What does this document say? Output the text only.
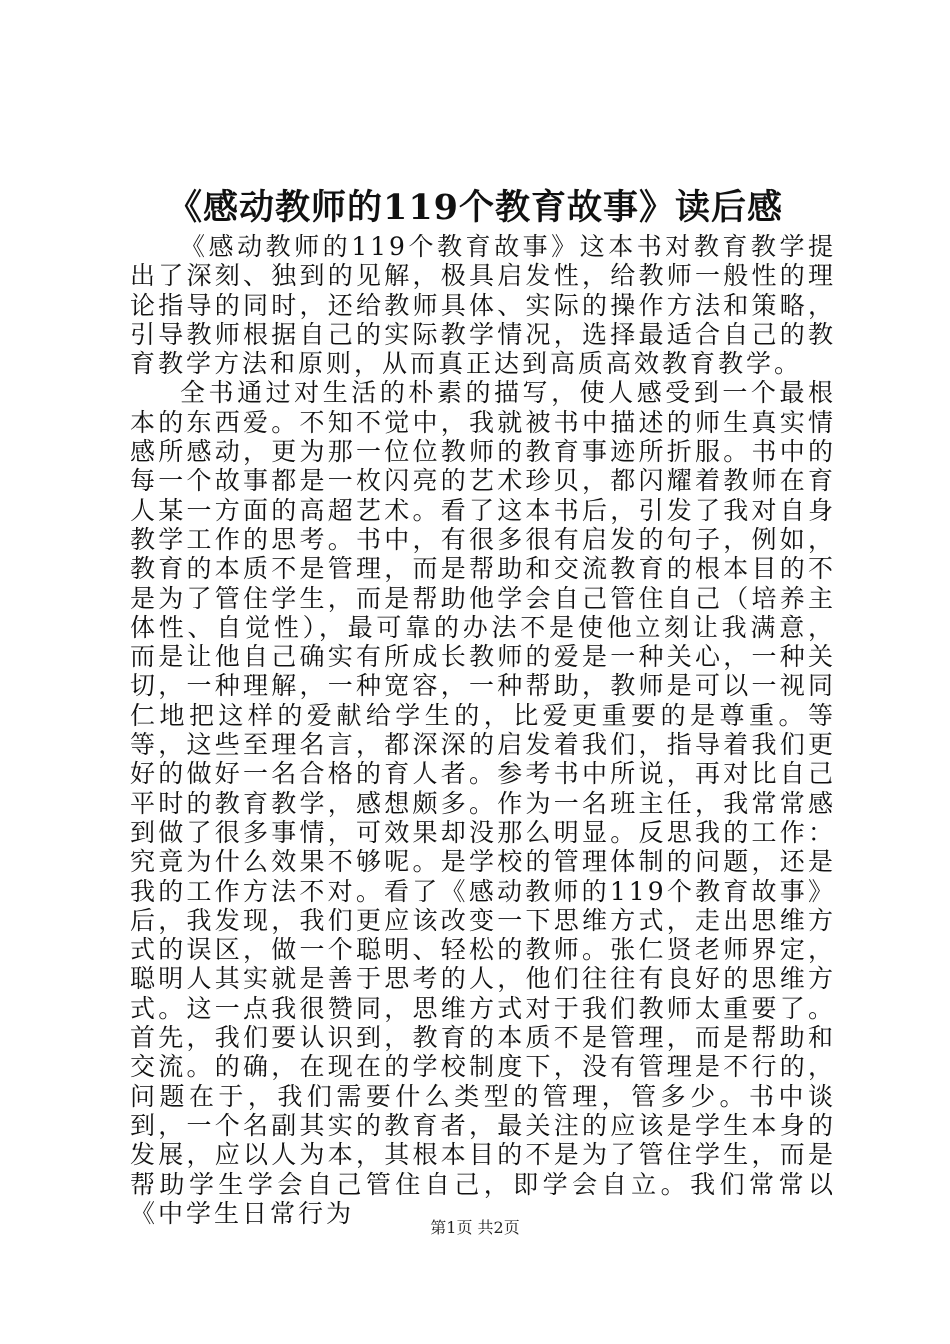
《感动教师的119个教育故事》读后感

《感动教师的119个教育故事》这本书对教育教学提出了深刻、独到的见解，极具启发性，给教师一般性的理论指导的同时，还给教师具体、实际的操作方法和策略，引导教师根据自己的实际教学情况，选择最适合自己的教育教学方法和原则，从而真正达到高质高效教育教学。

全书通过对生活的朴素的描写，使人感受到一个最根本的东西爱。不知不觉中，我就被书中描述的师生真实情感所感动，更为那一位位教师的教育事迹所折服。书中的每一个故事都是一枚闪亮的艺术珍贝，都闪耀着教师在育人某一方面的高超艺术。看了这本书后，引发了我对自身教学工作的思考。书中，有很多很有启发的句子，例如，教育的本质不是管理，而是帮助和交流教育的根本目的不是为了管住学生，而是帮助他学会自己管住自己（培养主体性、自觉性），最可靠的办法不是使他立刻让我满意，而是让他自己确实有所成长教师的爱是一种关心，一种关切，一种理解，一种宽容，一种帮助，教师是可以一视同仁地把这样的爱献给学生的，比爱更重要的是尊重。等等，这些至理名言，都深深的启发着我们，指导着我们更好的做好一名合格的育人者。参考书中所说，再对比自己平时的教育教学，感想颇多。作为一名班主任，我常常感到做了很多事情，可效果却没那么明显。反思我的工作：究竟为什么效果不够呢。是学校的管理体制的问题，还是我的工作方法不对。看了《感动教师的119个教育故事》后，我发现，我们更应该改变一下思维方式，走出思维方式的误区，做一个聪明、轻松的教师。张仁贤老师界定，聪明人其实就是善于思考的人，他们往往有良好的思维方式。这一点我很赞同，思维方式对于我们教师太重要了。首先，我们要认识到，教育的本质不是管理，而是帮助和交流。的确，在现在的学校制度下，没有管理是不行的，问题在于，我们需要什么类型的管理，管多少。书中谈到，一个名副其实的教育者，最关注的应该是学生本身的发展，应以人为本，其根本目的不是为了管住学生，而是帮助学生学会自己管住自己，即学会自立。我们常常以《中学生日常行为	第1页 共2页
